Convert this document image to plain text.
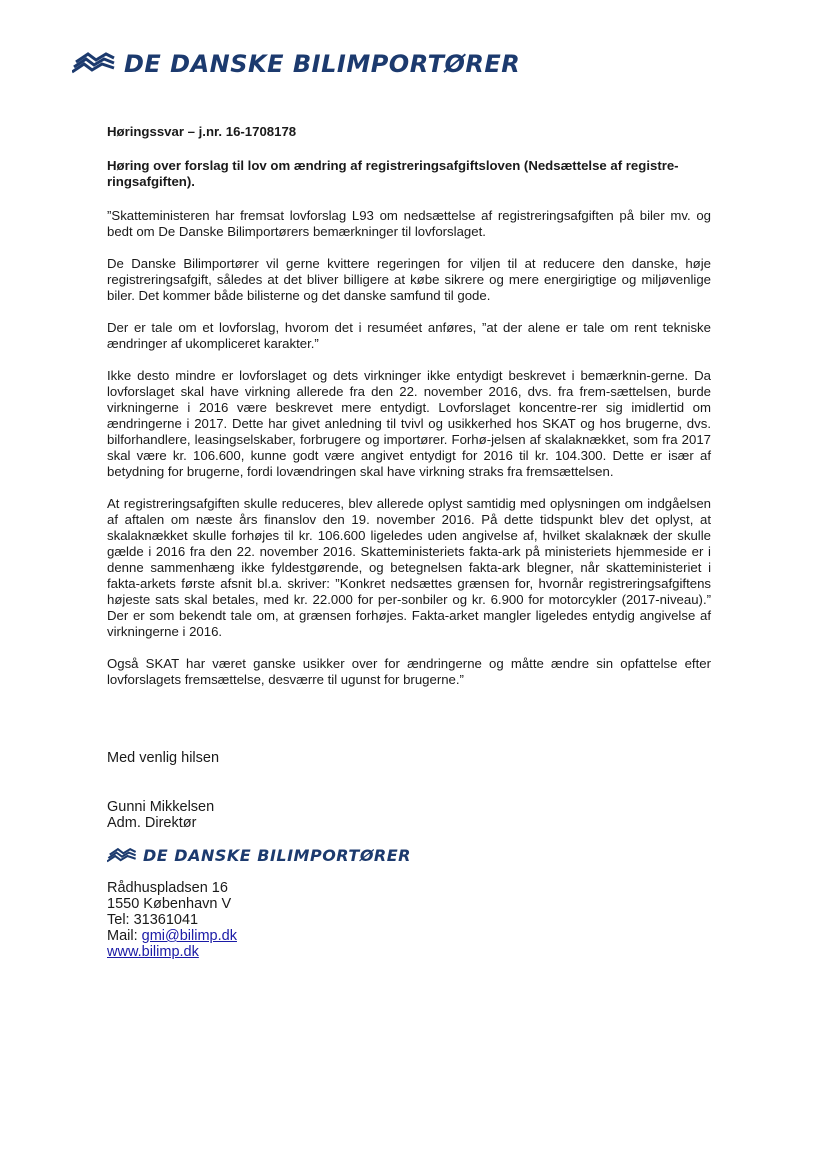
DE DANSKE BILIMPORTØRER

Høringssvar – j.nr. 16-1708178

Høring over forslag til lov om ændring af registreringsafgiftsloven (Nedsættelse af registre-ringsafgiften).

”Skatteministeren har fremsat lovforslag L93 om nedsættelse af registreringsafgiften på biler mv. og bedt om De Danske Bilimportørers bemærkninger til lovforslaget.

De Danske Bilimportører vil gerne kvittere regeringen for viljen til at reducere den danske, høje registreringsafgift, således at det bliver billigere at købe sikrere og mere energirigtige og miljøvenlige biler. Det kommer både bilisterne og det danske samfund til gode.

Der er tale om et lovforslag, hvorom det i resuméet anføres, ”at der alene er tale om rent tekniske ændringer af ukompliceret karakter.”

Ikke desto mindre er lovforslaget og dets virkninger ikke entydigt beskrevet i bemærknin-gerne. Da lovforslaget skal have virkning allerede fra den 22. november 2016, dvs. fra frem-sættelsen, burde virkningerne i 2016 være beskrevet mere entydigt. Lovforslaget koncentre-rer sig imidlertid om ændringerne i 2017. Dette har givet anledning til tvivl og usikkerhed hos SKAT og hos brugerne, dvs. bilforhandlere, leasingselskaber, forbrugere og importører. Forhø-jelsen af skalaknækket, som fra 2017 skal være kr. 106.600, kunne godt være angivet entydigt for 2016 til kr. 104.300. Dette er især af betydning for brugerne, fordi lovændringen skal have virkning straks fra fremsættelsen.

At registreringsafgiften skulle reduceres, blev allerede oplyst samtidig med oplysningen om indgåelsen af aftalen om næste års finanslov den 19. november 2016. På dette tidspunkt blev det oplyst, at skalaknækket skulle forhøjes til kr. 106.600 ligeledes uden angivelse af, hvilket skalaknæk der skulle gælde i 2016 fra den 22. november 2016. Skatteministeriets fakta-ark på ministeriets hjemmeside er i denne sammenhæng ikke fyldestgørende, og betegnelsen fakta-ark blegner, når skatteministeriet i fakta-arkets første afsnit bl.a. skriver: ”Konkret nedsættes grænsen for, hvornår registreringsafgiftens højeste sats skal betales, med kr. 22.000 for per-sonbiler og kr. 6.900 for motorcykler (2017-niveau).” Der er som bekendt tale om, at grænsen forhøjes. Fakta-arket mangler ligeledes entydig angivelse af virkningerne i 2016.

Også SKAT har været ganske usikker over for ændringerne og måtte ændre sin opfattelse efter lovforslagets fremsættelse, desværre til ugunst for brugerne.”

Med venlig hilsen
Gunni Mikkelsen
Adm. Direktør
DE DANSKE BILIMPORTØRER
Rådhuspladsen 16
1550 København V
Tel: 31361041
Mail: gmi@bilimp.dk
www.bilimp.dk
